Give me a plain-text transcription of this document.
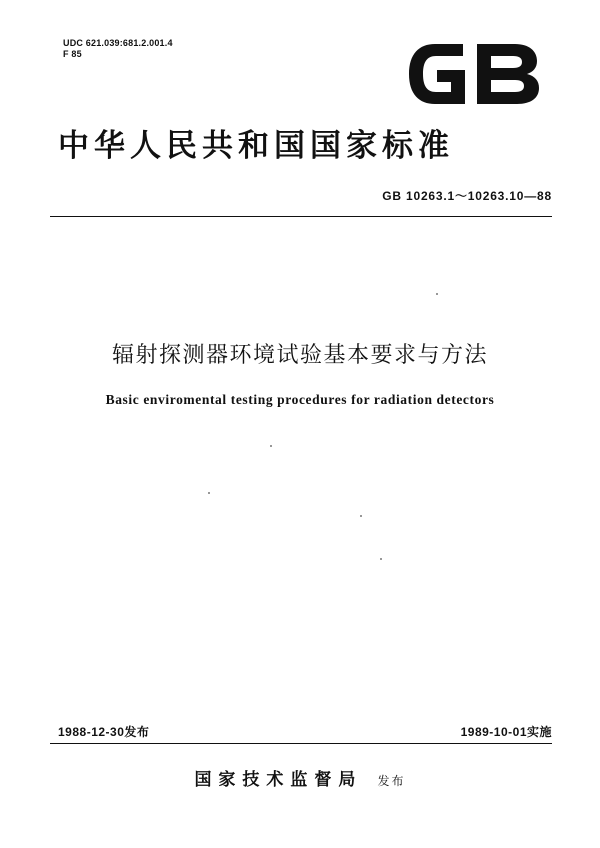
UDC 621.039:681.2.001.4
F 85
GB
中华人民共和国国家标准
GB 10263.1～10263.10—88
辐射探测器环境试验基本要求与方法
Basic enviromental testing procedures for radiation detectors
1988-12-30发布	1989-10-01实施
国家技术监督局 发布
